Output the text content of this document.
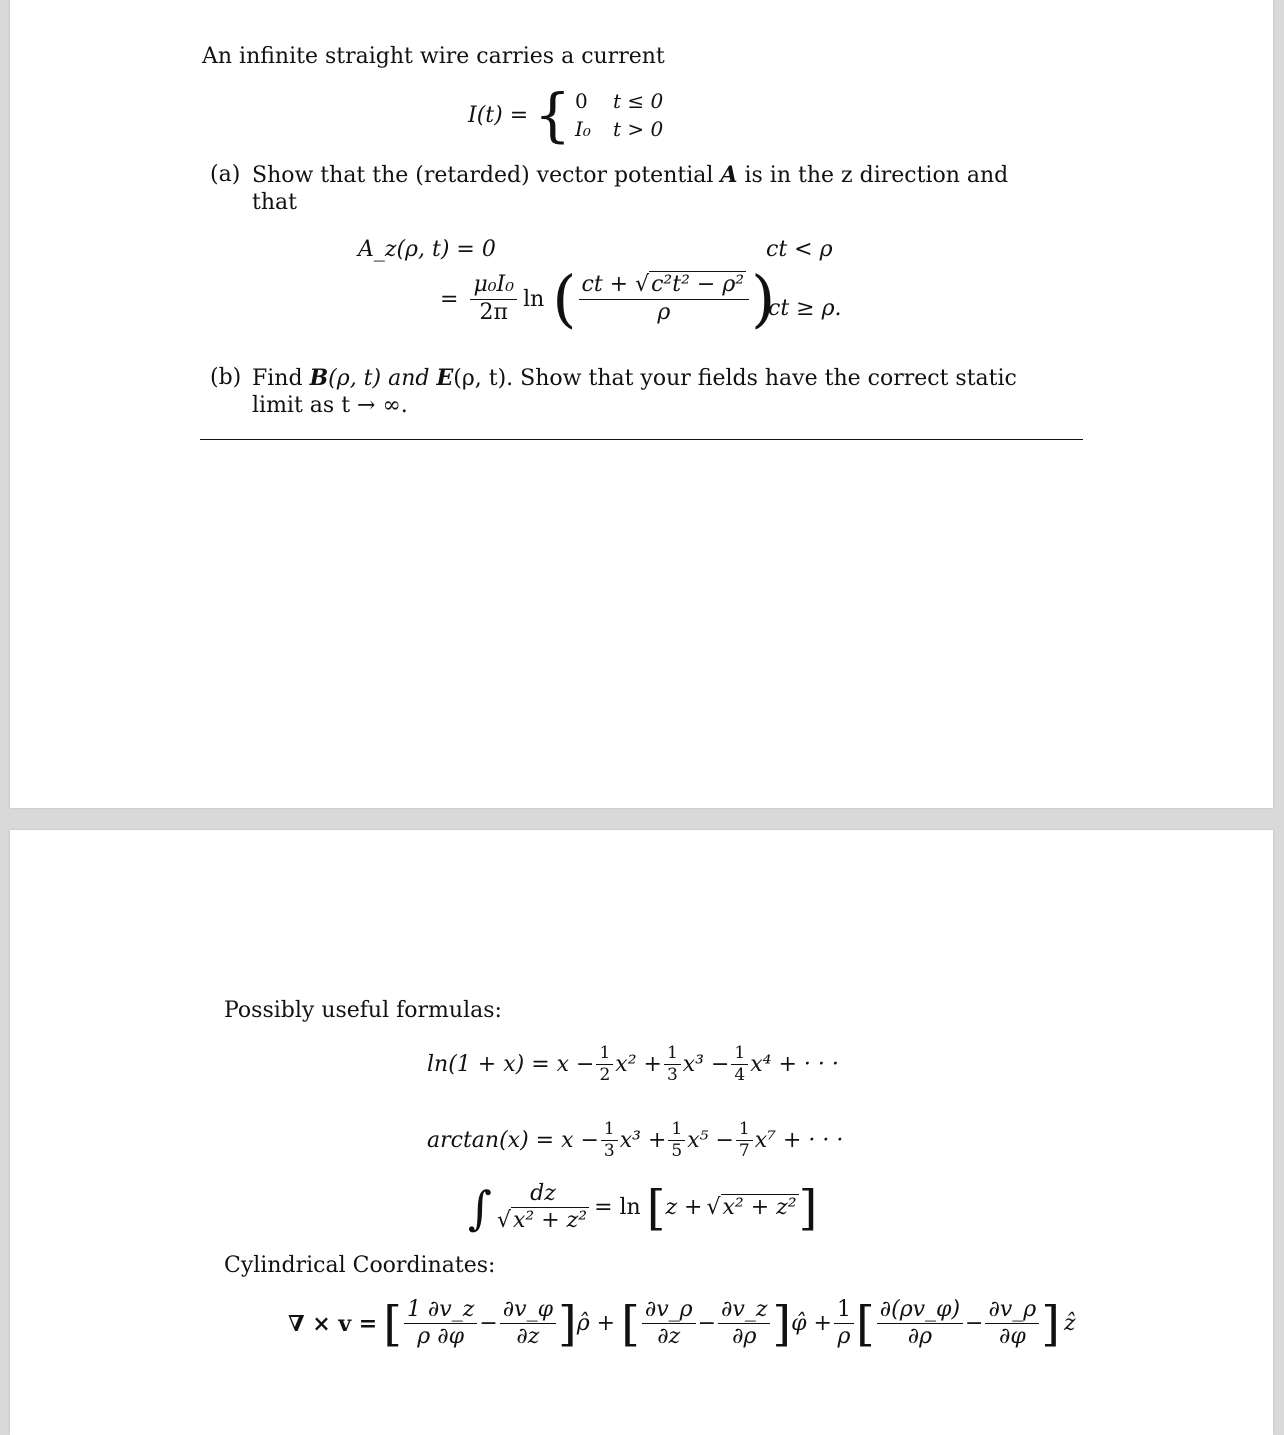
An infinite straight wire carries a current
I(t) = { 0 t ≤ 0
I₀ t > 0
(a) Show that the (retarded) vector potential A is in the z direction and
that
A_z(ρ, t) = 0	ct < ρ
= $\frac{\text{μ₀I₀}}{2\pi}$ ln ( $\frac{\text{ct + √c²t² − ρ²}}{\rho}$ )
ct ≥ ρ.
(b) Find B(ρ, t) and E(ρ, t). Show that your fields have the correct static
limit as t → ∞.
Possibly useful formulas:
$\ln(1 + x) = x - \frac{1}{2} x^2 + \frac{1}{3} x^3 - \frac{1}{4} x^4$ + · · ·
$\arctan(x) = x - \frac{1}{3} x^3 + \frac{1}{5} x^5 - \frac{1}{7} x^7$ + · · ·
∫ $\frac{dz}{\text{√x² + z²}} = \ln$ [ z + √x² + z² ]
Cylindrical Coordinates:
∇ × v = [ $\frac{1 \partial v\_z}{\rho \partial\varphi} - \frac{\partial v\_\varphi}{\partial z}$ ] ρ̂ + [ $\frac{\partial v\_\rho}{\partial z} - \frac{\partial v\_z}{\partial\rho}$ ] φ̂ + $\frac{1}{\rho}$ [ $\frac{\partial(\rho v\_\varphi)}{\partial\rho} - \frac{\partial v\_\rho}{\partial\varphi}$ ] ẑ
